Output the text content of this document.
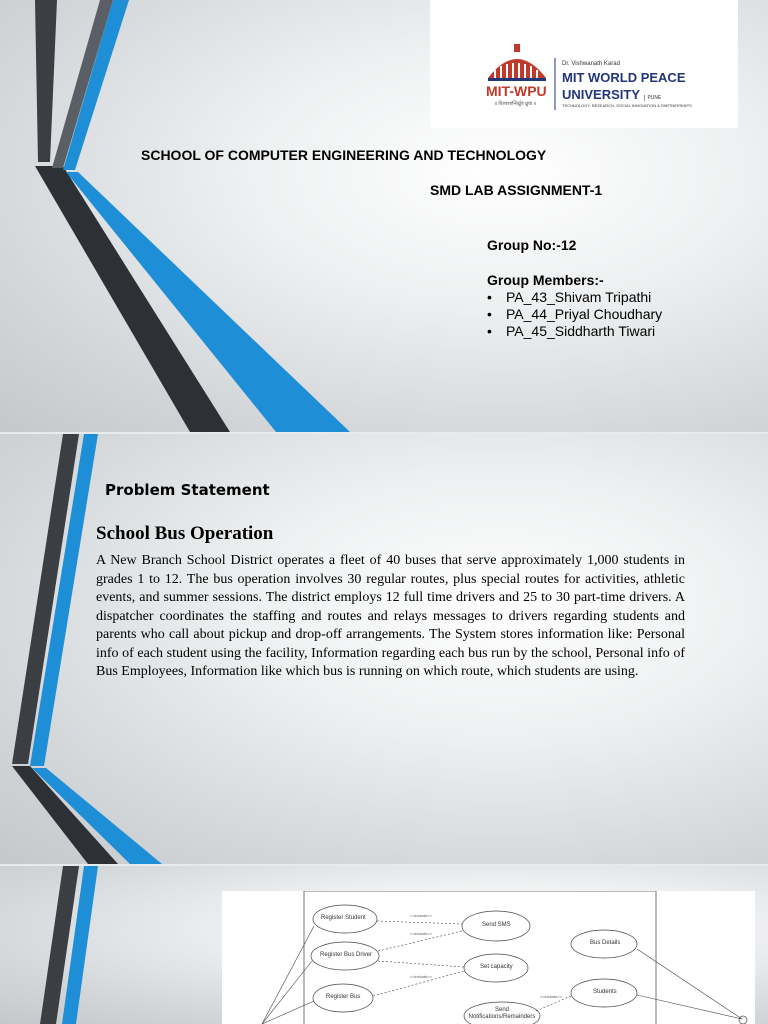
MIT-WPU
॥ विश्वशान्तिर्ध्रुवं ध्रुवा ॥
Dr. Vishwanath Karad
MIT WORLD PEACE
UNIVERSITY PUNE
TECHNOLOGY, RESEARCH, SOCIAL INNOVATION & PARTNERSHIPS
SCHOOL OF COMPUTER ENGINEERING AND TECHNOLOGY
SMD LAB ASSIGNMENT-1
Group No:-12
Group Members:-
• PA_43_Shivam Tripathi
• PA_44_Priyal Choudhary
• PA_45_Siddharth Tiwari
Problem Statement
School Bus Operation

A New Branch School District operates a fleet of 40 buses that serve approximately 1,000 students in grades 1 to 12. The bus operation involves 30 regular routes, plus special routes for activities, athletic events, and summer sessions. The district employs 12 full time drivers and 25 to 30 part-time drivers. A dispatcher coordinates the staffing and routes and relays messages to drivers regarding students and parents who call about pickup and drop-off arrangements. The System stores information like: Personal info of each student using the facility, Information regarding each bus run by the school, Personal info of Bus Employees, Information like which bus is running on which route, which students are using.

Register Student
Register Bus Driver
Register Bus
Send SMS
Set capacity
Send
Notifications/Remainders
Bus Details
Students
<<include>>
<<include>>
<<include>>
<<include>>
